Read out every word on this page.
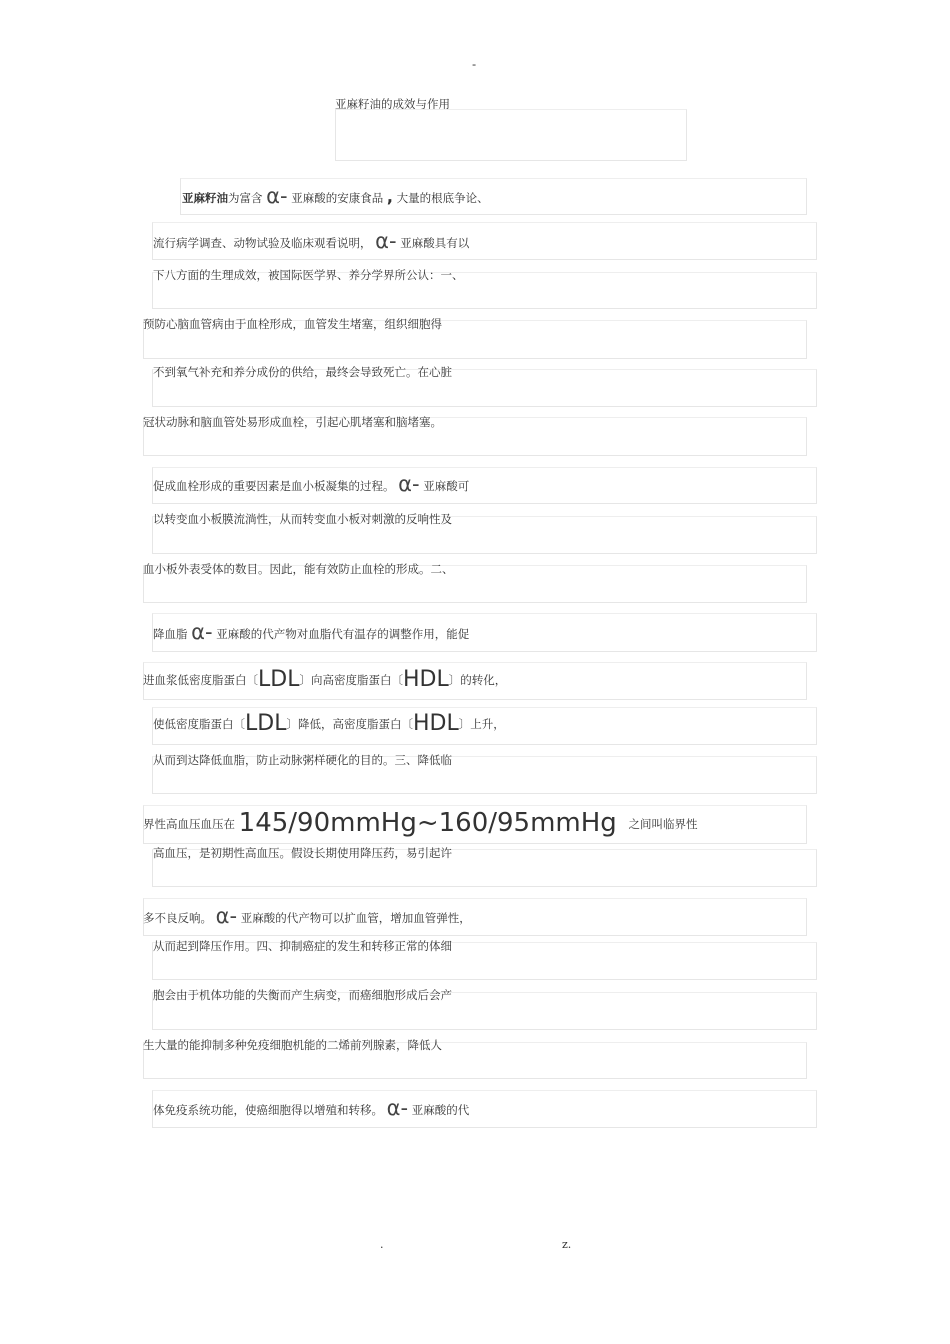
-
亚麻籽油的成效与作用
亚麻籽油为富含 α- 亚麻酸的安康食品 , 大量的根底争论、
流行病学调查、动物试验及临床观看说明， α- 亚麻酸具有以
下八方面的生理成效，被国际医学界、养分学界所公认：一、
预防心脑血管病由于血栓形成，血管发生堵塞，组织细胞得
不到氧气补充和养分成份的供给，最终会导致死亡。在心脏
冠状动脉和脑血管处易形成血栓，引起心肌堵塞和脑堵塞。
促成血栓形成的重要因素是血小板凝集的过程。 α- 亚麻酸可
以转变血小板膜流淌性，从而转变血小板对刺激的反响性及
血小板外表受体的数目。因此，能有效防止血栓的形成。二、
降血脂 α- 亚麻酸的代产物对血脂代有温存的调整作用，能促
进血浆低密度脂蛋白〔LDL〕向高密度脂蛋白〔HDL〕的转化，
使低密度脂蛋白〔LDL〕降低，高密度脂蛋白〔HDL〕上升，
从而到达降低血脂，防止动脉粥样硬化的目的。三、降低临
界性高血压血压在 145/90mmHg~160/95mmHg 之间叫临界性
高血压，是初期性高血压。假设长期使用降压药，易引起许
多不良反响。 α- 亚麻酸的代产物可以扩血管，增加血管弹性，
从而起到降压作用。四、抑制癌症的发生和转移正常的体细
胞会由于机体功能的失衡而产生病变，而癌细胞形成后会产
生大量的能抑制多种免疫细胞机能的二烯前列腺素，降低人
体免疫系统功能，使癌细胞得以增殖和转移。 α- 亚麻酸的代
.	z.
